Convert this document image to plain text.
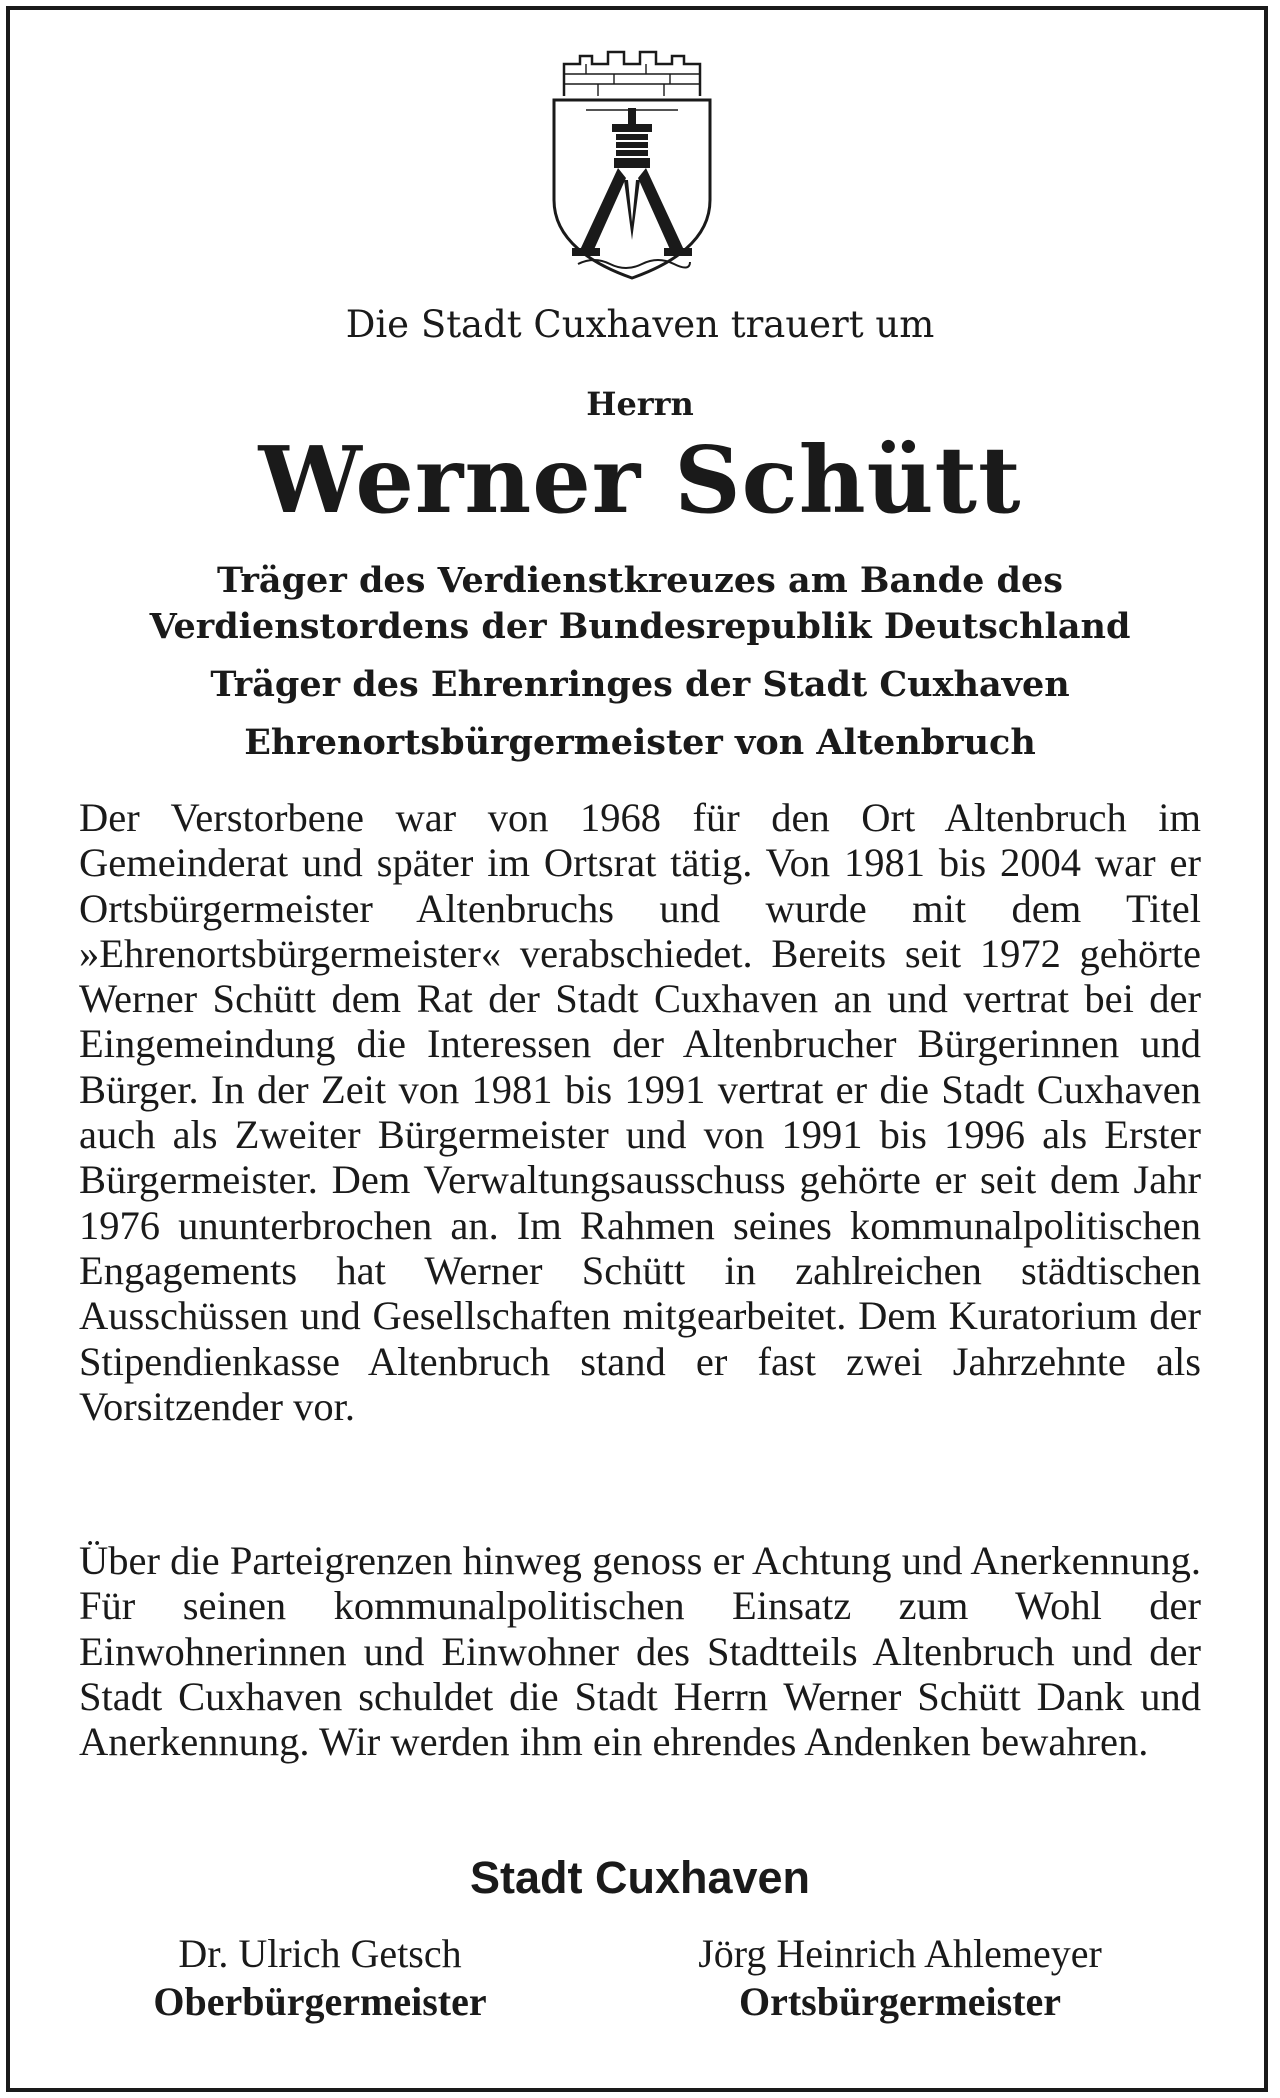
Die Stadt Cuxhaven trauert um
Herrn
Werner Schütt
Träger des Verdienstkreuzes am Bande des
Verdienstordens der Bundesrepublik Deutschland
Träger des Ehrenringes der Stadt Cuxhaven
Ehrenortsbürgermeister von Altenbruch
Der Verstorbene war von 1968 für den Ort Altenbruch im Gemeinderat und später im Ortsrat tätig. Von 1981 bis 2004 war er Ortsbürgermeister Altenbruchs und wurde mit dem Titel »Ehrenortsbürgermeister« verabschiedet. Bereits seit 1972 gehörte Werner Schütt dem Rat der Stadt Cuxhaven an und vertrat bei der Eingemeindung die Interessen der Altenbrucher Bürgerinnen und Bürger. In der Zeit von 1981 bis 1991 vertrat er die Stadt Cuxhaven auch als Zweiter Bürgermeister und von 1991 bis 1996 als Erster Bürgermeister. Dem Verwaltungsausschuss gehörte er seit dem Jahr 1976 ununterbrochen an. Im Rahmen seines kommunalpolitischen Engagements hat Werner Schütt in zahlreichen städtischen Ausschüssen und Gesellschaften mitgearbeitet. Dem Kuratorium der Stipendienkasse Altenbruch stand er fast zwei Jahrzehnte als Vorsitzender vor.
Über die Parteigrenzen hinweg genoss er Achtung und Anerkennung. Für seinen kommunalpolitischen Einsatz zum Wohl der Einwohnerinnen und Einwohner des Stadtteils Altenbruch und der Stadt Cuxhaven schuldet die Stadt Herrn Werner Schütt Dank und Anerkennung. Wir werden ihm ein ehrendes Andenken bewahren.
Stadt Cuxhaven
Dr. Ulrich Getsch
Oberbürgermeister
Jörg Heinrich Ahlemeyer
Ortsbürgermeister
